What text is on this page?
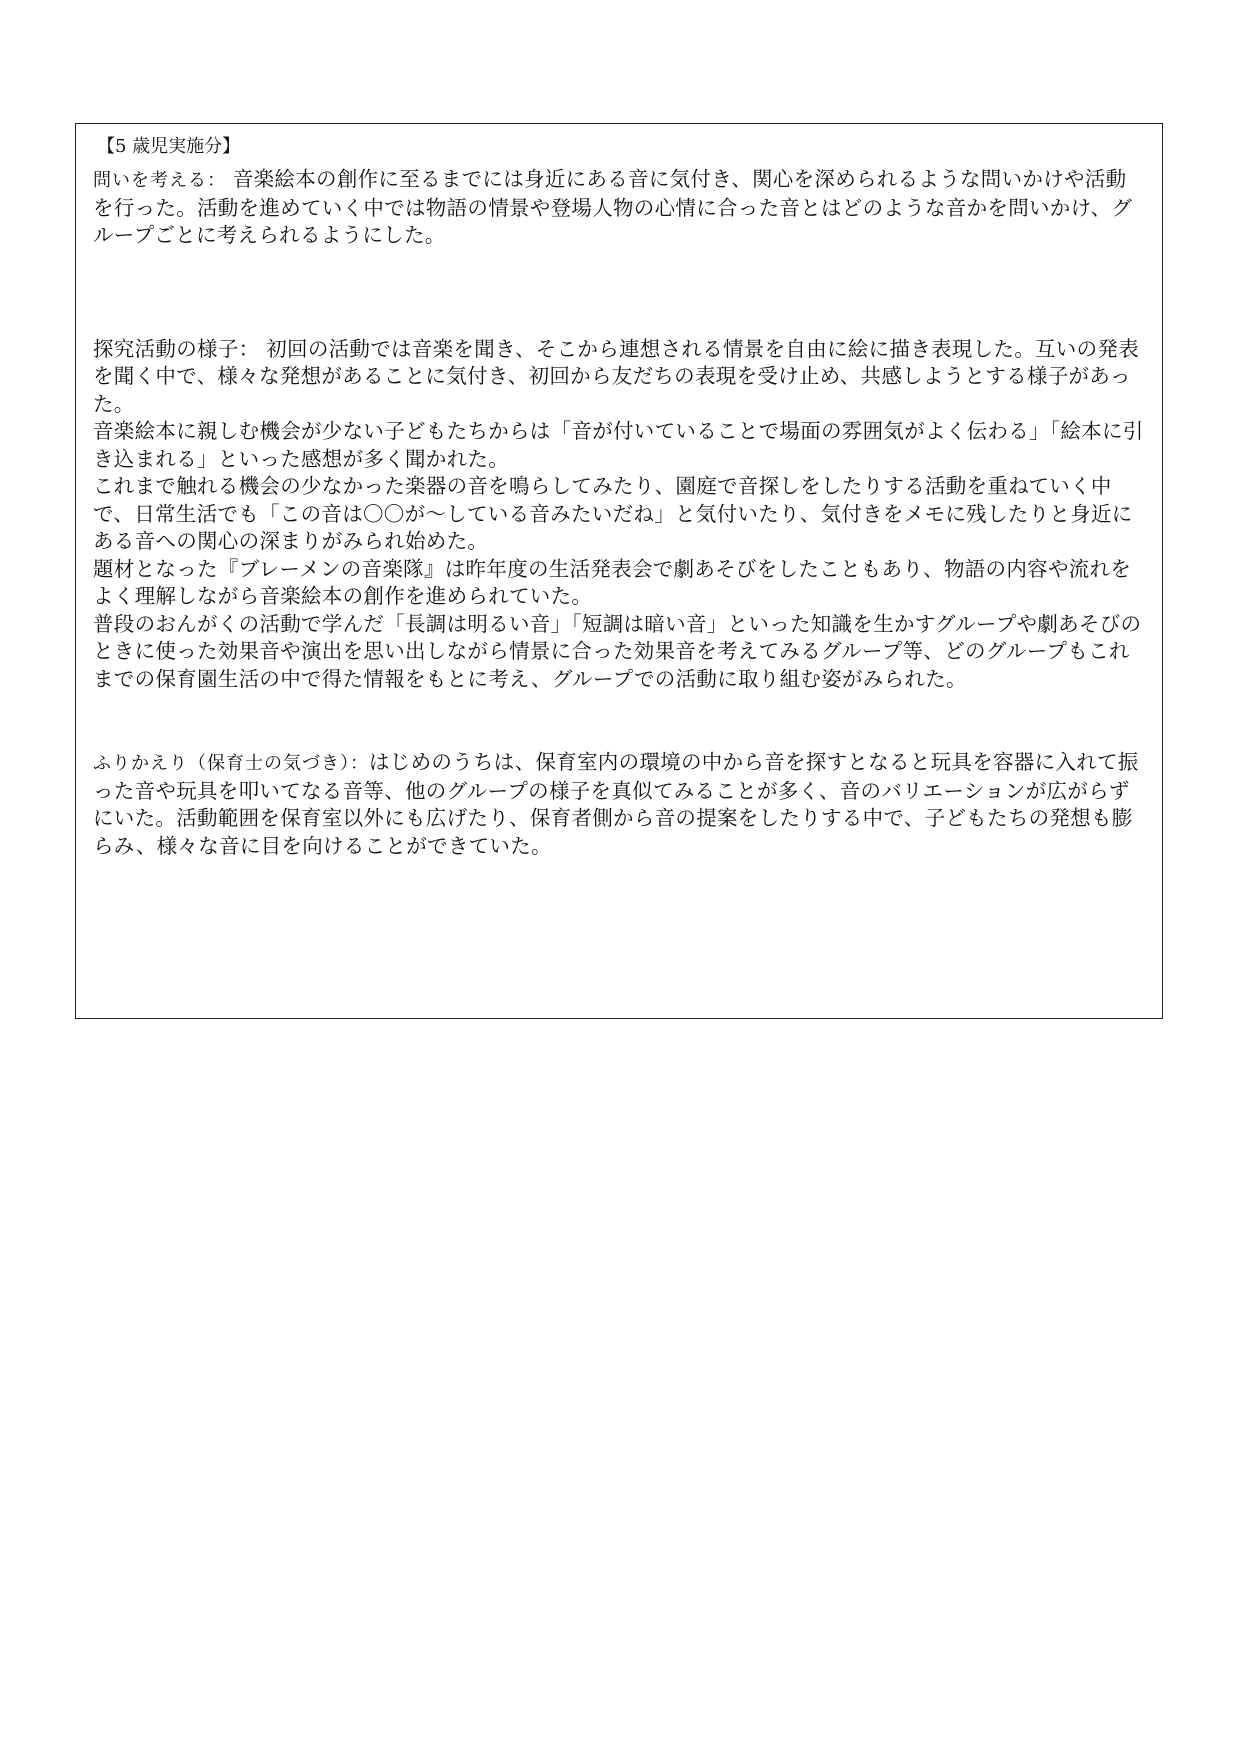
【5 歳児実施分】

問いを考える： 音楽絵本の創作に至るまでには身近にある音に気付き、関心を深められるような問いかけや活動を行った。活動を進めていく中では物語の情景や登場人物の心情に合った音とはどのような音かを問いかけ、グループごとに考えられるようにした。

探究活動の様子： 初回の活動では音楽を聞き、そこから連想される情景を自由に絵に描き表現した。互いの発表を聞く中で、様々な発想があることに気付き、初回から友だちの表現を受け止め、共感しようとする様子があった。

音楽絵本に親しむ機会が少ない子どもたちからは「音が付いていることで場面の雰囲気がよく伝わる」「絵本に引き込まれる」といった感想が多く聞かれた。

これまで触れる機会の少なかった楽器の音を鳴らしてみたり、園庭で音探しをしたりする活動を重ねていく中で、日常生活でも「この音は〇〇が～している音みたいだね」と気付いたり、気付きをメモに残したりと身近にある音への関心の深まりがみられ始めた。

題材となった『ブレーメンの音楽隊』は昨年度の生活発表会で劇あそびをしたこともあり、物語の内容や流れをよく理解しながら音楽絵本の創作を進められていた。

普段のおんがくの活動で学んだ「長調は明るい音」「短調は暗い音」といった知識を生かすグループや劇あそびのときに使った効果音や演出を思い出しながら情景に合った効果音を考えてみるグループ等、どのグループもこれまでの保育園生活の中で得た情報をもとに考え、グループでの活動に取り組む姿がみられた。

ふりかえり（保育士の気づき）：はじめのうちは、保育室内の環境の中から音を探すとなると玩具を容器に入れて振った音や玩具を叩いてなる音等、他のグループの様子を真似てみることが多く、音のバリエーションが広がらずにいた。活動範囲を保育室以外にも広げたり、保育者側から音の提案をしたりする中で、子どもたちの発想も膨らみ、様々な音に目を向けることができていた。
